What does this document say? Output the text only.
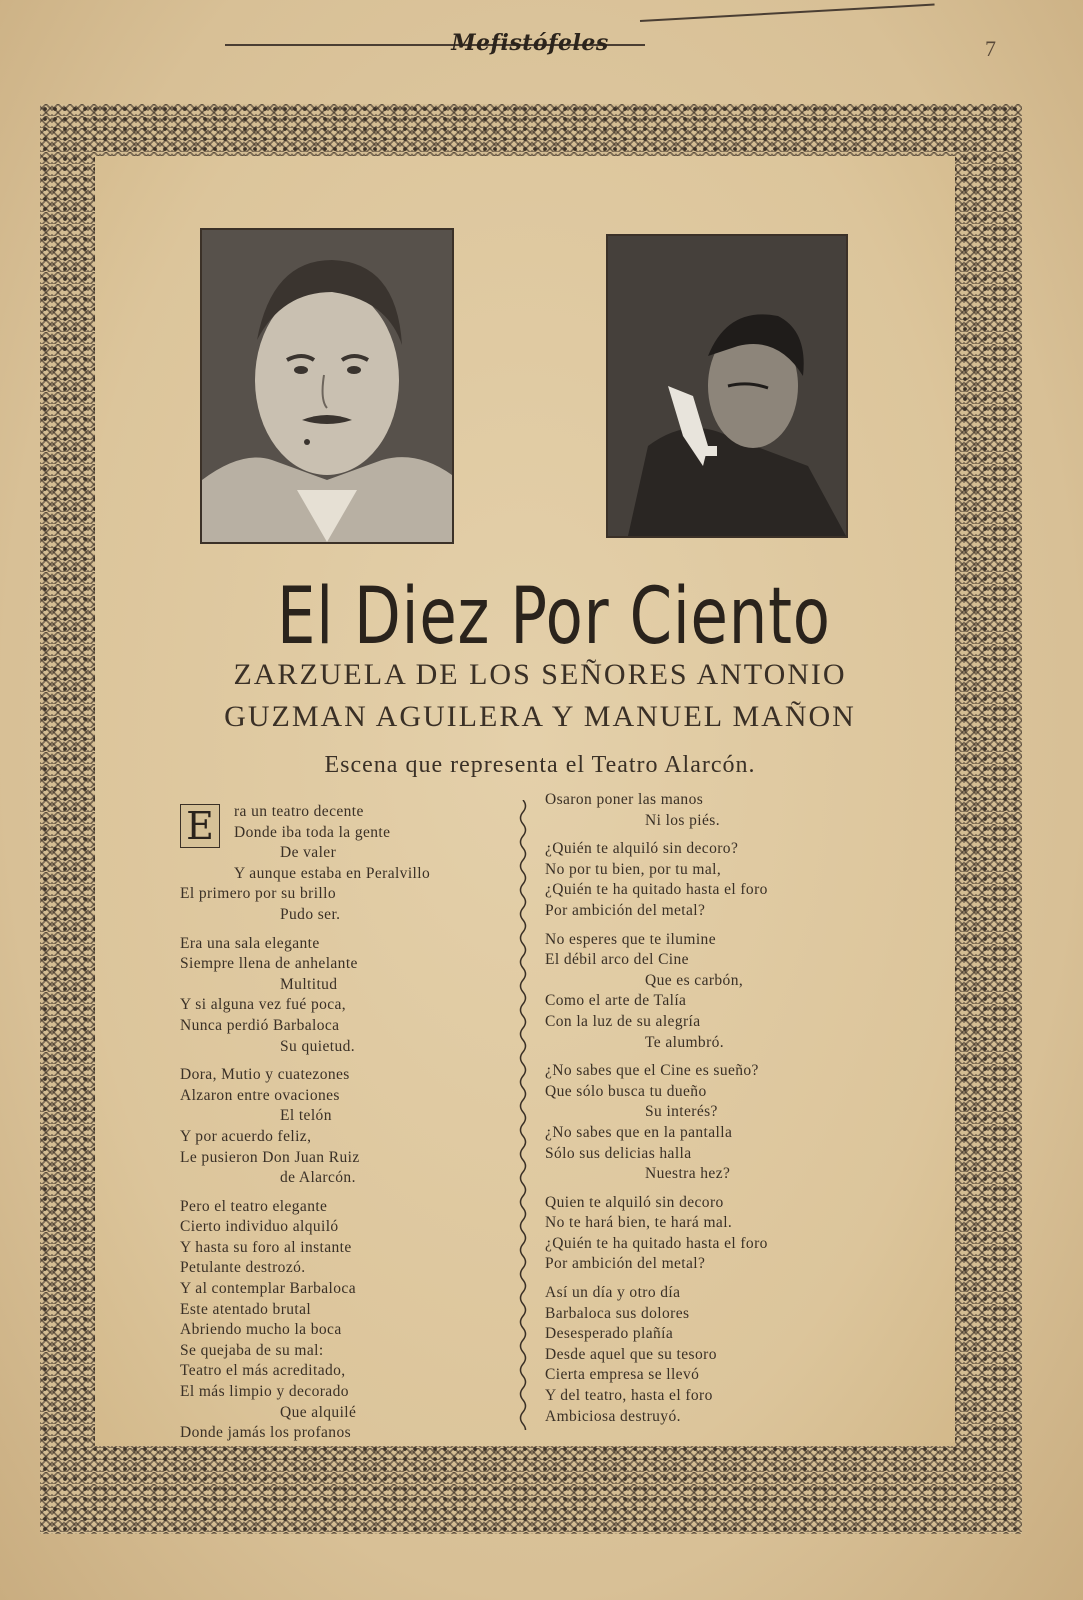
Mefistófeles	7
El Diez Por Ciento
ZARZUELA DE LOS SEÑORES ANTONIO
GUZMAN AGUILERA Y MANUEL MAÑON
Escena que representa el Teatro Alarcón.
E	ra un teatro decente
Donde iba toda la gente
De valer
Y aunque estaba en Peralvillo
El primero por su brillo
Pudo ser.
Era una sala elegante
Siempre llena de anhelante
Multitud
Y si alguna vez fué poca,
Nunca perdió Barbaloca
Su quietud.
Dora, Mutio y cuatezones
Alzaron entre ovaciones
El telón
Y por acuerdo feliz,
Le pusieron Don Juan Ruiz
de Alarcón.
Pero el teatro elegante
Cierto individuo alquiló
Y hasta su foro al instante
Petulante destrozó.
Y al contemplar Barbaloca
Este atentado brutal
Abriendo mucho la boca
Se quejaba de su mal:
Teatro el más acreditado,
El más limpio y decorado
Que alquilé
Donde jamás los profanos
Osaron poner las manos
Ni los piés.
¿Quién te alquiló sin decoro?
No por tu bien, por tu mal,
¿Quién te ha quitado hasta el foro
Por ambición del metal?
No esperes que te ilumine
El débil arco del Cine
Que es carbón,
Como el arte de Talía
Con la luz de su alegría
Te alumbró.
¿No sabes que el Cine es sueño?
Que sólo busca tu dueño
Su interés?
¿No sabes que en la pantalla
Sólo sus delicias halla
Nuestra hez?
Quien te alquiló sin decoro
No te hará bien, te hará mal.
¿Quién te ha quitado hasta el foro
Por ambición del metal?
Así un día y otro día
Barbaloca sus dolores
Desesperado plañía
Desde aquel que su tesoro
Cierta empresa se llevó
Y del teatro, hasta el foro
Ambiciosa destruyó.
